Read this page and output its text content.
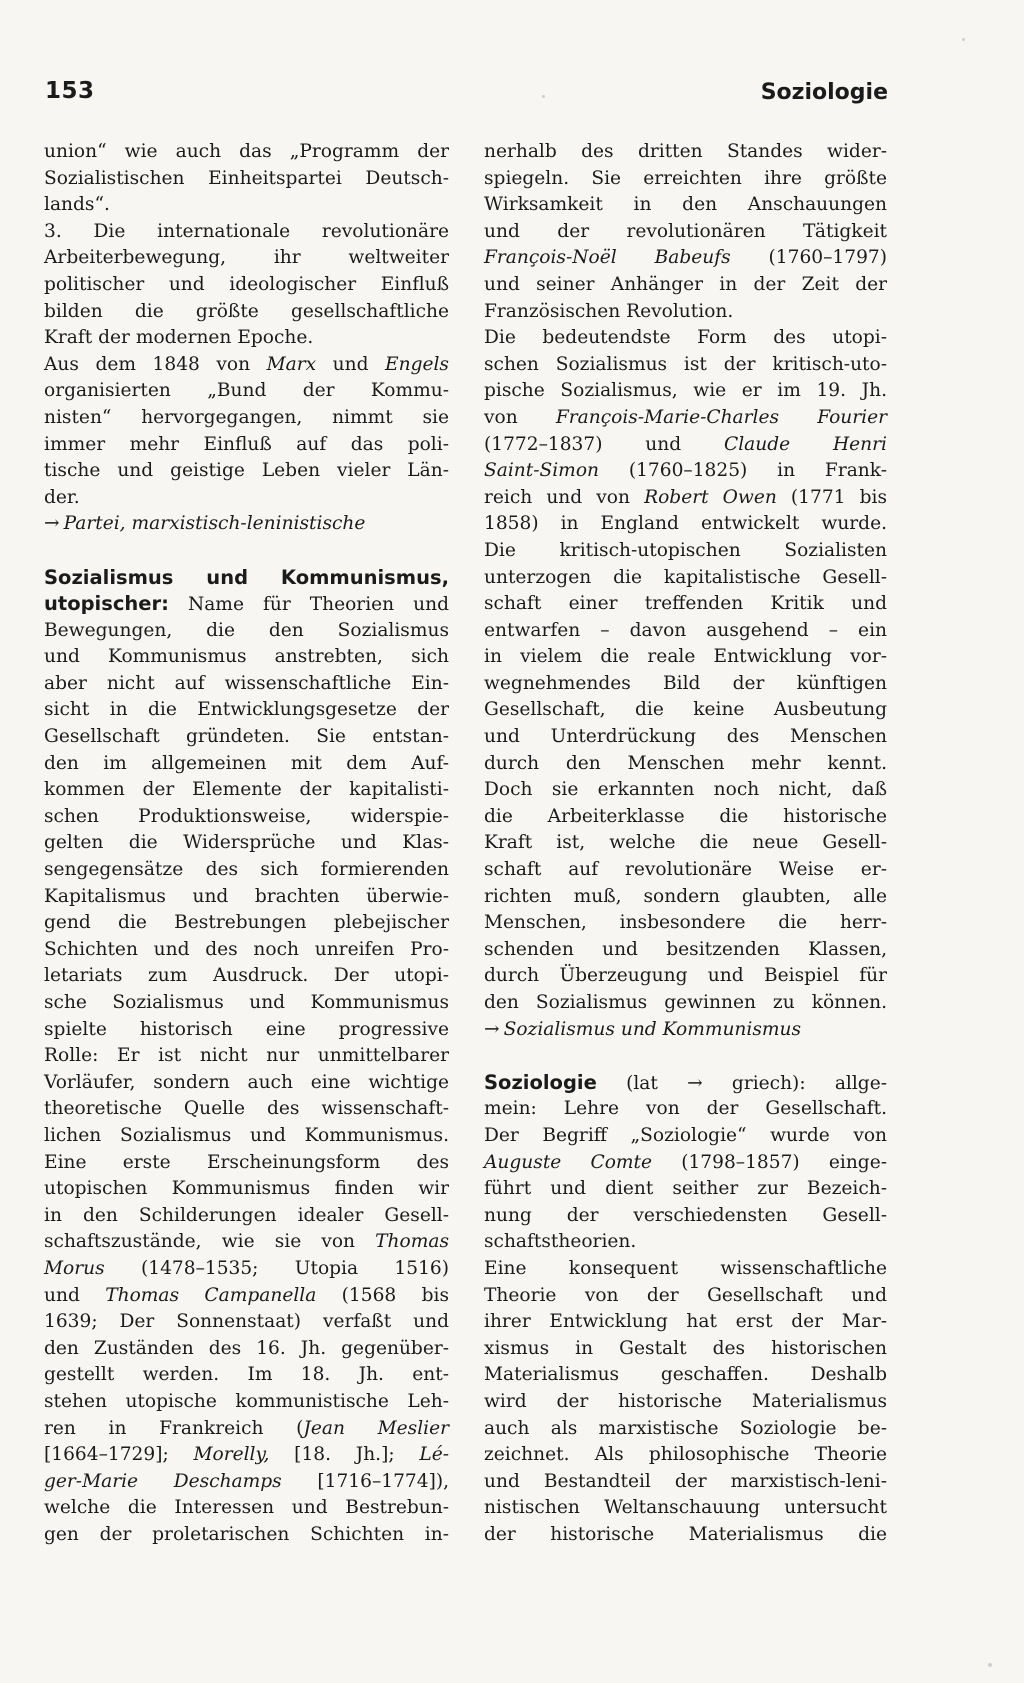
153	Soziologie
union“ wie auch das „Programm der
Sozialistischen Einheitspartei Deutsch-
lands“.
3. Die internationale revolutionäre
Arbeiterbewegung, ihr weltweiter
politischer und ideologischer Einfluß
bilden die größte gesellschaftliche
Kraft der modernen Epoche.
Aus dem 1848 von Marx und Engels
organisierten „Bund der Kommu-
nisten“ hervorgegangen, nimmt sie
immer mehr Einfluß auf das poli-
tische und geistige Leben vieler Län-
der.
→ Partei, marxistisch-leninistische
Sozialismus und Kommunismus,
utopischer: Name für Theorien und
Bewegungen, die den Sozialismus
und Kommunismus anstrebten, sich
aber nicht auf wissenschaftliche Ein-
sicht in die Entwicklungsgesetze der
Gesellschaft gründeten. Sie entstan-
den im allgemeinen mit dem Auf-
kommen der Elemente der kapitalisti-
schen Produktionsweise, widerspie-
gelten die Widersprüche und Klas-
sengegensätze des sich formierenden
Kapitalismus und brachten überwie-
gend die Bestrebungen plebejischer
Schichten und des noch unreifen Pro-
letariats zum Ausdruck. Der utopi-
sche Sozialismus und Kommunismus
spielte historisch eine progressive
Rolle: Er ist nicht nur unmittelbarer
Vorläufer, sondern auch eine wichtige
theoretische Quelle des wissenschaft-
lichen Sozialismus und Kommunismus.
Eine erste Erscheinungsform des
utopischen Kommunismus finden wir
in den Schilderungen idealer Gesell-
schaftszustände, wie sie von Thomas
Morus (1478–1535; Utopia 1516)
und Thomas Campanella (1568 bis
1639; Der Sonnenstaat) verfaßt und
den Zuständen des 16. Jh. gegenüber-
gestellt werden. Im 18. Jh. ent-
stehen utopische kommunistische Leh-
ren in Frankreich (Jean Meslier
[1664–1729]; Morelly, [18. Jh.]; Lé-
ger-Marie Deschamps [1716–1774]),
welche die Interessen und Bestrebun-
gen der proletarischen Schichten in-
nerhalb des dritten Standes wider-
spiegeln. Sie erreichten ihre größte
Wirksamkeit in den Anschauungen
und der revolutionären Tätigkeit
François-Noël Babeufs (1760–1797)
und seiner Anhänger in der Zeit der
Französischen Revolution.
Die bedeutendste Form des utopi-
schen Sozialismus ist der kritisch-uto-
pische Sozialismus, wie er im 19. Jh.
von François-Marie-Charles Fourier
(1772–1837) und Claude Henri
Saint-Simon (1760–1825) in Frank-
reich und von Robert Owen (1771 bis
1858) in England entwickelt wurde.
Die kritisch-utopischen Sozialisten
unterzogen die kapitalistische Gesell-
schaft einer treffenden Kritik und
entwarfen – davon ausgehend – ein
in vielem die reale Entwicklung vor-
wegnehmendes Bild der künftigen
Gesellschaft, die keine Ausbeutung
und Unterdrückung des Menschen
durch den Menschen mehr kennt.
Doch sie erkannten noch nicht, daß
die Arbeiterklasse die historische
Kraft ist, welche die neue Gesell-
schaft auf revolutionäre Weise er-
richten muß, sondern glaubten, alle
Menschen, insbesondere die herr-
schenden und besitzenden Klassen,
durch Überzeugung und Beispiel für
den Sozialismus gewinnen zu können.
→ Sozialismus und Kommunismus
Soziologie (lat → griech): allge-
mein: Lehre von der Gesellschaft.
Der Begriff „Soziologie“ wurde von
Auguste Comte (1798–1857) einge-
führt und dient seither zur Bezeich-
nung der verschiedensten Gesell-
schaftstheorien.
Eine konsequent wissenschaftliche
Theorie von der Gesellschaft und
ihrer Entwicklung hat erst der Mar-
xismus in Gestalt des historischen
Materialismus geschaffen. Deshalb
wird der historische Materialismus
auch als marxistische Soziologie be-
zeichnet. Als philosophische Theorie
und Bestandteil der marxistisch-leni-
nistischen Weltanschauung untersucht
der historische Materialismus die
